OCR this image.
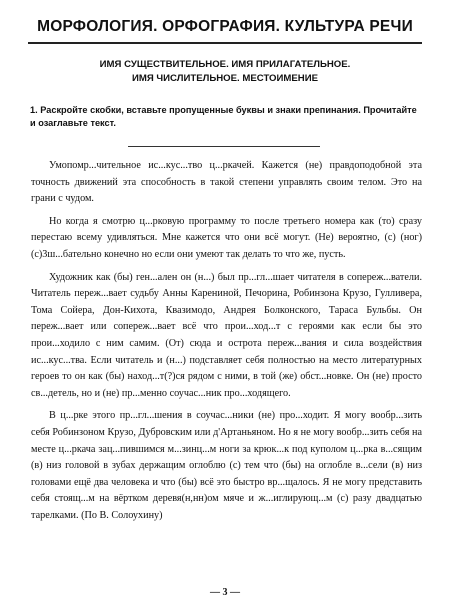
МОРФОЛОГИЯ. ОРФОГРАФИЯ. КУЛЬТУРА РЕЧИ
ИМЯ СУЩЕСТВИТЕЛЬНОЕ. ИМЯ ПРИЛАГАТЕЛЬНОЕ.
ИМЯ ЧИСЛИТЕЛЬНОЕ. МЕСТОИМЕНИЕ
1. Раскройте скобки, вставьте пропущенные буквы и знаки препинания. Прочитайте и озаглавьте текст.

Умопомр...чительное ис...кус...тво ц...ркачей. Кажется (не) правдоподобной эта точность движений эта способность в такой степени управлять своим телом. Это на грани с чудом.

Но когда я смотрю ц...рковую программу то после третьего номера как (то) сразу перестаю всему удивляться. Мне кажется что они всё могут. (Не) вероятно, (с) (ног) (с)3ш...бательно конечно но если они умеют так делать то что же, пусть.

Художник как (бы) ген...ален он (н...) был пр...гл...шает читателя в сопереж...ватели. Читатель переж...вает судьбу Анны Карениной, Печорина, Робинзона Крузо, Гулливера, Тома Сойера, Дон-Кихота, Квазимодо, Андрея Болконского, Тараса Бульбы. Он переж...вает или сопереж...вает всё что прои...ход...т с героями как если бы это прои...ходило с ним самим. (От) сюда и острота переж...вания и сила воздействия ис...кус...тва. Если читатель и (н...) подставляет себя полностью на место литературных героев то он как (бы) наход...т(?)ся рядом с ними, в той (же) обст...новке. Он (не) просто св...детель, но и (не) пр...менно соучас...ник про...ходящего.

В ц...рке этого пр...гл...шения в соучас...ники (не) про...ходит. Я могу вообр...зить себя Робинзоном Крузо, Дубровским или д'Артаньяном. Но я не могу вообр...зить себя на месте ц...ркача зац...пившимся м...зинц...м ноги за крюк...к под куполом ц...рка в...сящим (в) низ головой в зубах держащим оглоблю (с) тем что (бы) на оглобле в...сели (в) низ головами ещё два человека и что (бы) всё это быстро вр...щалось. Я не могу представить себя стоящ...м на вёртком деревя(н,нн)ом мяче и ж...иглирующ...м (с) разу двадцатью тарелками. (По В. Солоухину)

— 3 —
